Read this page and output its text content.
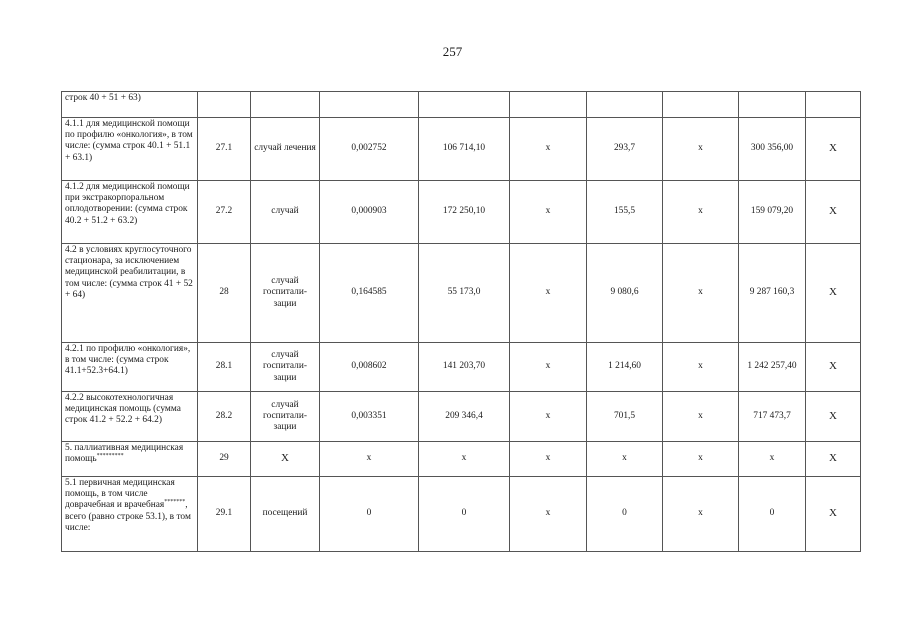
257
строк 40 + 51 + 63)									
4.1.1 для медицинской помощи по профилю «онкология», в том числе: (сумма строк 40.1 + 51.1 + 63.1)	27.1	случай лечения	0,002752	106 714,10	х	293,7	х	300 356,00	Х
4.1.2 для медицинской помощи при экстракорпоральном оплодотворении: (сумма строк 40.2 + 51.2 + 63.2)	27.2	случай	0,000903	172 250,10	х	155,5	х	159 079,20	Х
4.2 в условиях круглосуточного стационара, за исключением медицинской реабилитации, в том числе: (сумма строк 41 + 52 + 64)	28	случай госпитали-зации	0,164585	55 173,0	х	9 080,6	х	9 287 160,3	Х
4.2.1 по профилю «онкология», в том числе: (сумма строк 41.1+52.3+64.1)	28.1	случай госпитали-зации	0,008602	141 203,70	х	1 214,60	х	1 242 257,40	Х
4.2.2 высокотехнологичная медицинская помощь (сумма строк 41.2 + 52.2 + 64.2)	28.2	случай госпитали-зации	0,003351	209 346,4	х	701,5	х	717 473,7	Х
5. паллиативная медицинская помощь*********	29	Х	х	х	х	х	х	х	Х
5.1 первичная медицинская помощь, в том числе доврачебная и врачебная*******, всего (равно строке 53.1), в том числе:	29.1	посещений	0	0	х	0	х	0	Х
